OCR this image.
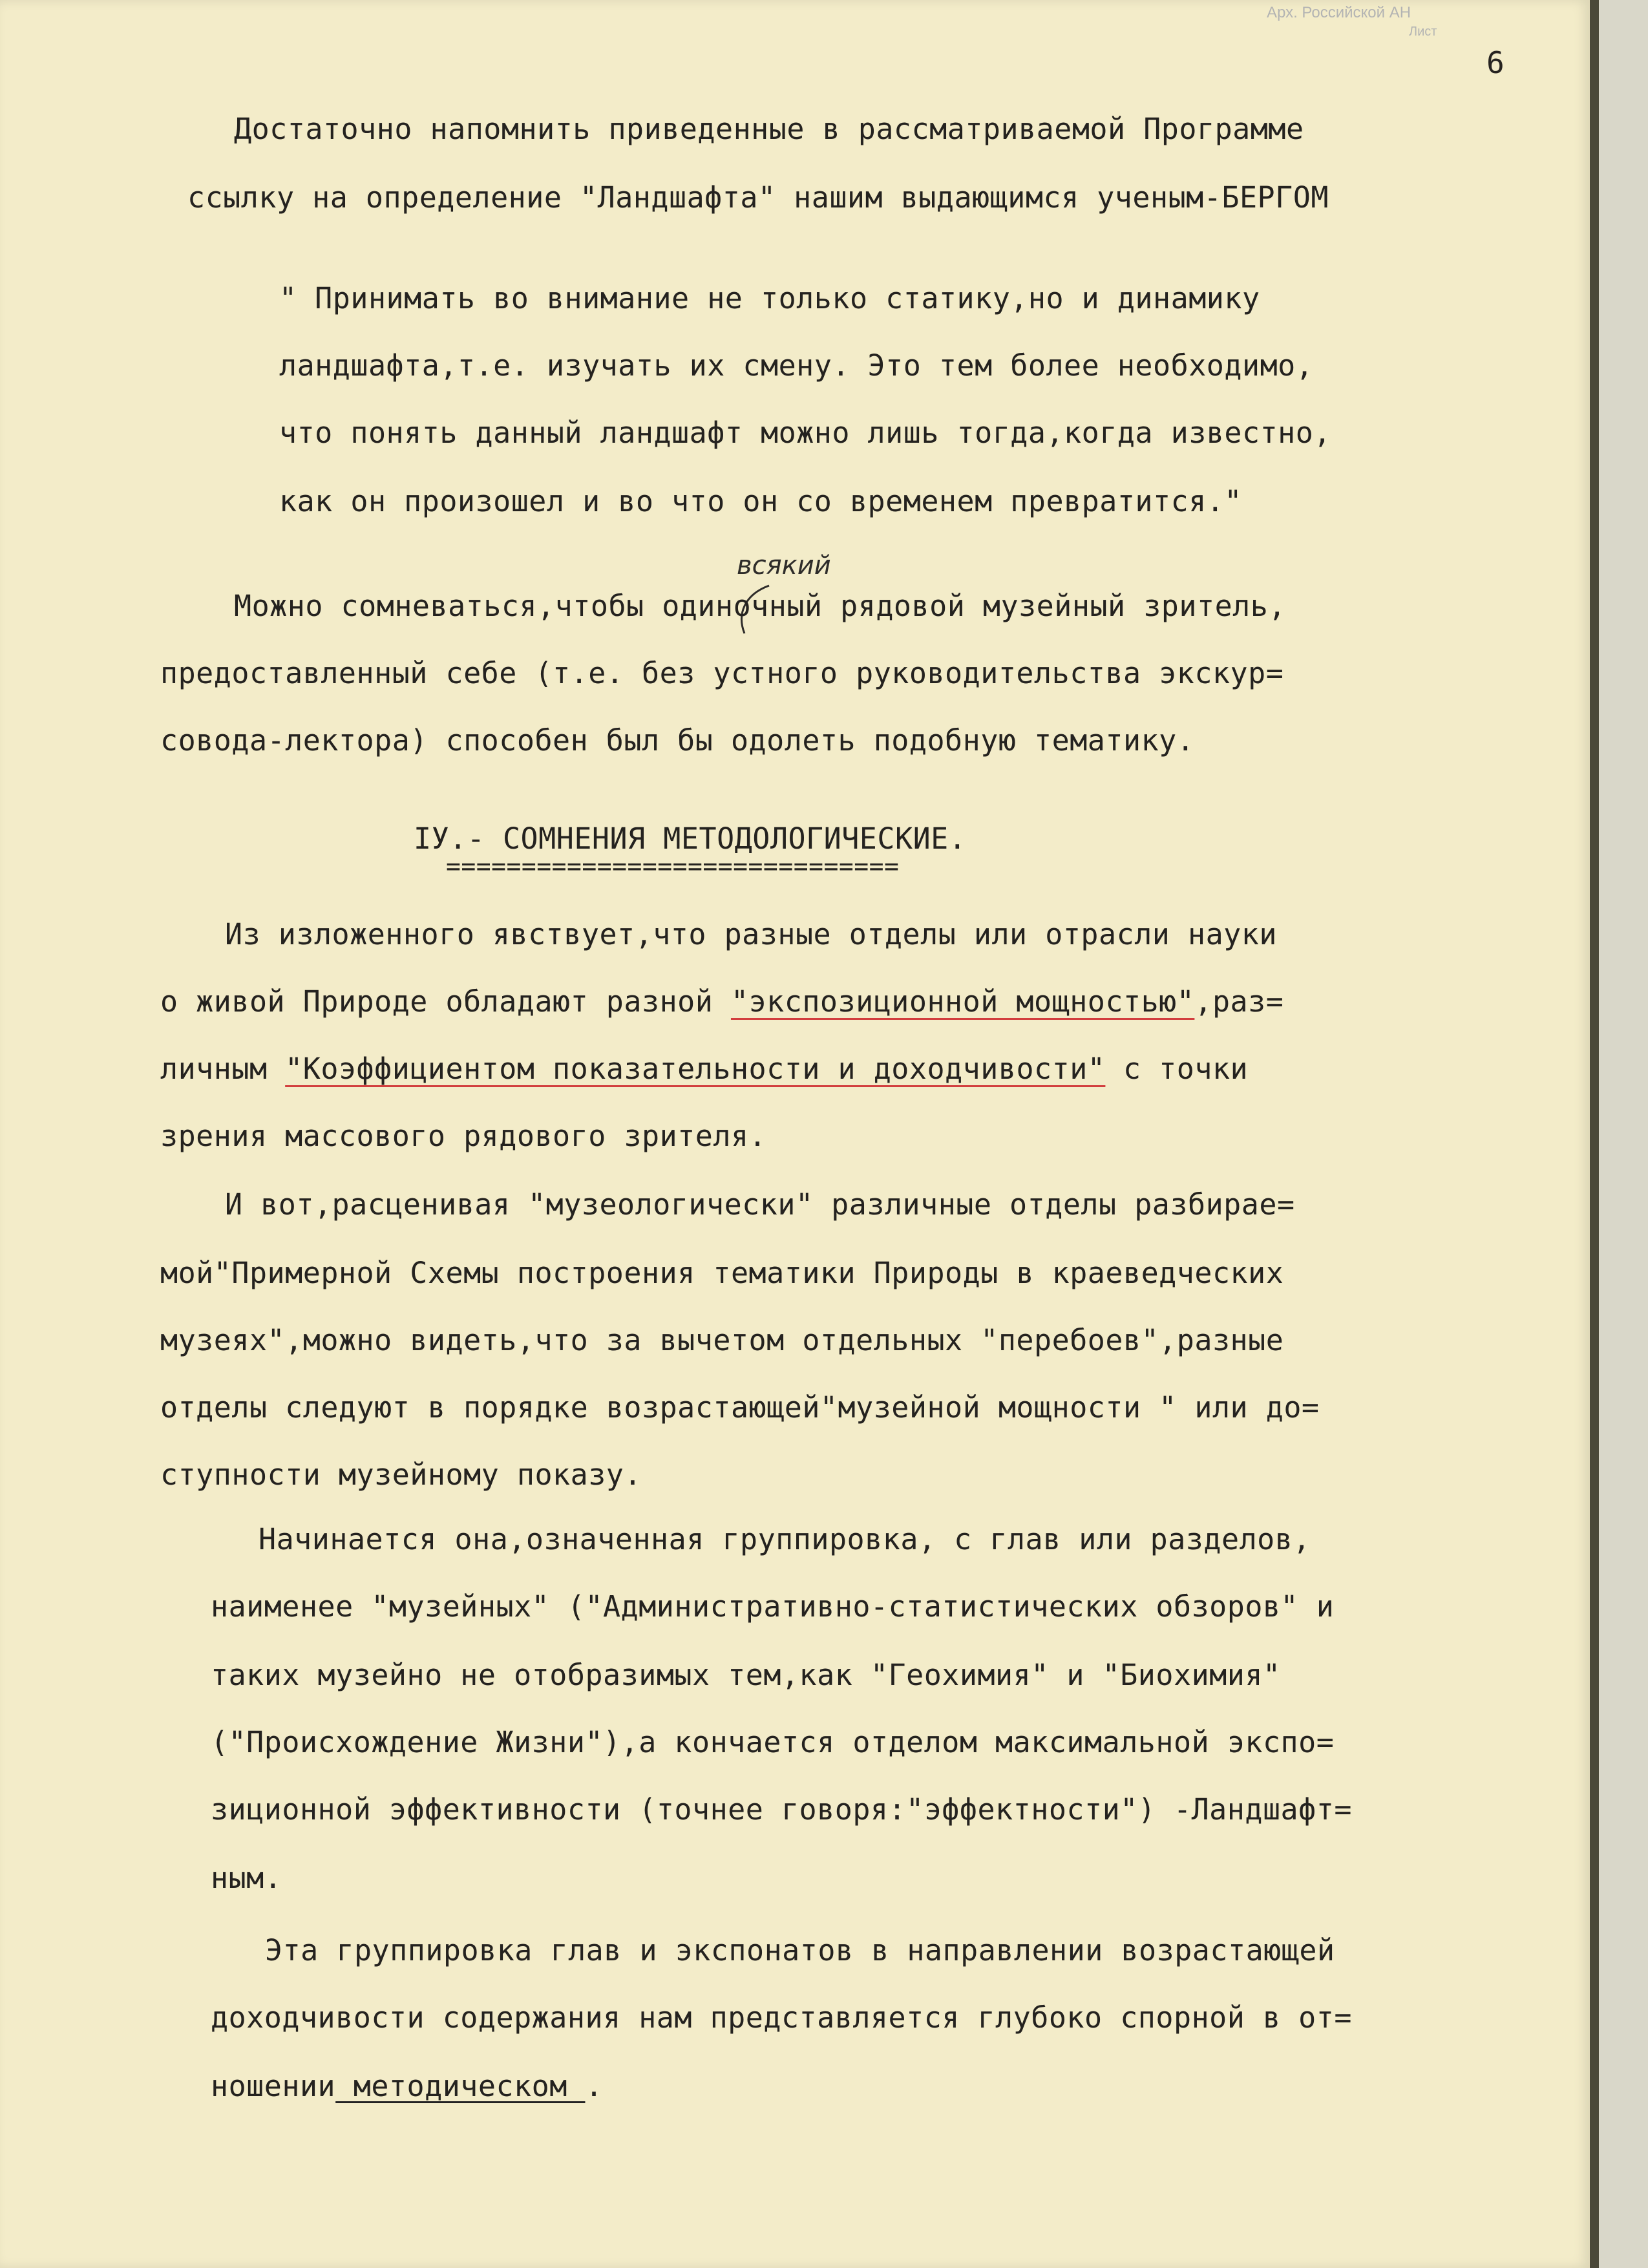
Арх. Российской АН
Лист
6
Достаточно напомнить приведенные в рассматриваемой Программе
ссылку на определение "Ландшафта" нашим выдающимся ученым-БЕРГОМ
" Принимать во внимание не только статику,но и динамику
ландшафта,т.е. изучать их смену. Это тем более необходимо,
что понять данный ландшафт можно лишь тогда,когда известно,
как он произошел и во что он со временем превратится."
всякий
Можно сомневаться,чтобы одиночный рядовой музейный зритель,
предоставленный себе (т.е. без устного руководительства экскур=
совода-лектора) способен был бы одолеть подобную тематику.
IУ.- СОМНЕНИЯ МЕТОДОЛОГИЧЕСКИЕ.
==============================
Из изложенного явствует,что разные отделы или отрасли науки
о живой Природе обладают разной "экспозиционной мощностью",раз=
личным "Коэффициентом показательности и доходчивости" с точки
зрения массового рядового зрителя.
И вот,расценивая "музеологически" различные отделы разбирае=
мой"Примерной Схемы построения тематики Природы в краеведческих
музеях",можно видеть,что за вычетом отдельных "перебоев",разные
отделы следуют в порядке возрастающей"музейной мощности " или до=
ступности музейному показу.
Начинается она,означенная группировка, с глав или разделов,
наименее "музейных" ("Административно-статистических обзоров" и
таких музейно не отобразимых тем,как "Геохимия" и "Биохимия"
("Происхождение Жизни"),а кончается отделом максимальной экспо=
зиционной эффективности (точнее говоря:"эффектности") -Ландшафт=
ным.
Эта группировка глав и экспонатов в направлении возрастающей
доходчивости содержания нам представляется глубоко спорной в от=
ношении методическом .
